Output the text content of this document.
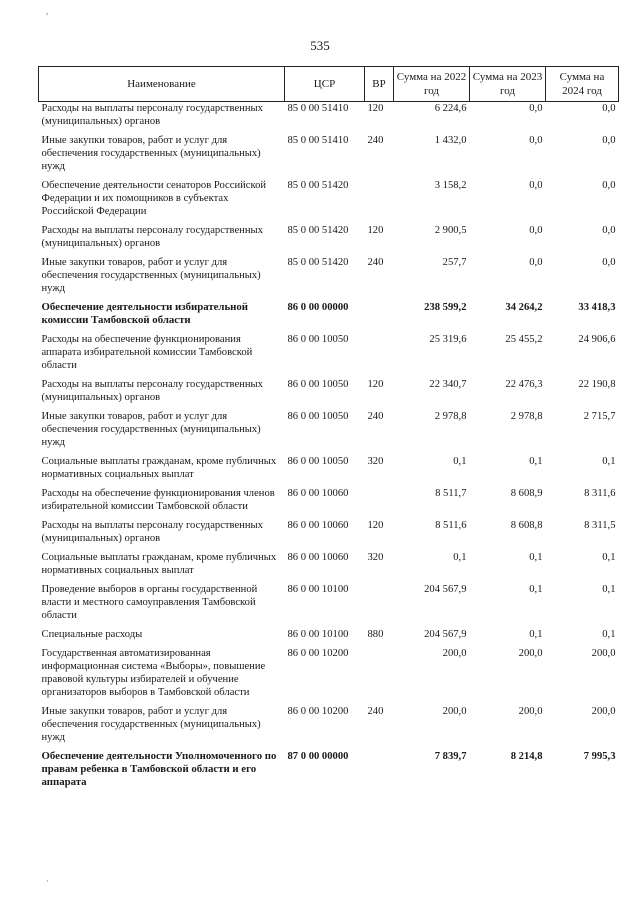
535
,
·
Наименование	ЦСР	ВР	Сумма на 2022 год	Сумма на 2023 год	Сумма на 2024 год
Расходы на выплаты персоналу государственных (муниципальных) органов	85 0 00 51410	120	6 224,6	0,0	0,0
Иные закупки товаров, работ и услуг для обеспечения государственных (муниципальных) нужд	85 0 00 51410	240	1 432,0	0,0	0,0
Обеспечение деятельности сенаторов Российской Федерации и их помощников в субъектах Российской Федерации	85 0 00 51420		3 158,2	0,0	0,0
Расходы на выплаты персоналу государственных (муниципальных) органов	85 0 00 51420	120	2 900,5	0,0	0,0
Иные закупки товаров, работ и услуг для обеспечения государственных (муниципальных) нужд	85 0 00 51420	240	257,7	0,0	0,0
Обеспечение деятельности избирательной комиссии Тамбовской области	86 0 00 00000		238 599,2	34 264,2	33 418,3
Расходы на обеспечение функционирования аппарата избирательной комиссии Тамбовской области	86 0 00 10050		25 319,6	25 455,2	24 906,6
Расходы на выплаты персоналу государственных (муниципальных) органов	86 0 00 10050	120	22 340,7	22 476,3	22 190,8
Иные закупки товаров, работ и услуг для обеспечения государственных (муниципальных) нужд	86 0 00 10050	240	2 978,8	2 978,8	2 715,7
Социальные выплаты гражданам, кроме публичных нормативных социальных выплат	86 0 00 10050	320	0,1	0,1	0,1
Расходы на обеспечение функционирования членов избирательной комиссии Тамбовской области	86 0 00 10060		8 511,7	8 608,9	8 311,6
Расходы на выплаты персоналу государственных (муниципальных) органов	86 0 00 10060	120	8 511,6	8 608,8	8 311,5
Социальные выплаты гражданам, кроме публичных нормативных социальных выплат	86 0 00 10060	320	0,1	0,1	0,1
Проведение выборов в органы государственной власти и местного самоуправления Тамбовской области	86 0 00 10100		204 567,9	0,1	0,1
Специальные расходы	86 0 00 10100	880	204 567,9	0,1	0,1
Государственная автоматизированная информационная система «Выборы», повышение правовой культуры избирателей и обучение организаторов выборов в Тамбовской области	86 0 00 10200		200,0	200,0	200,0
Иные закупки товаров, работ и услуг для обеспечения государственных (муниципальных) нужд	86 0 00 10200	240	200,0	200,0	200,0
Обеспечение деятельности Уполномоченного по правам ребенка в Тамбовской области и его аппарата	87 0 00 00000		7 839,7	8 214,8	7 995,3
